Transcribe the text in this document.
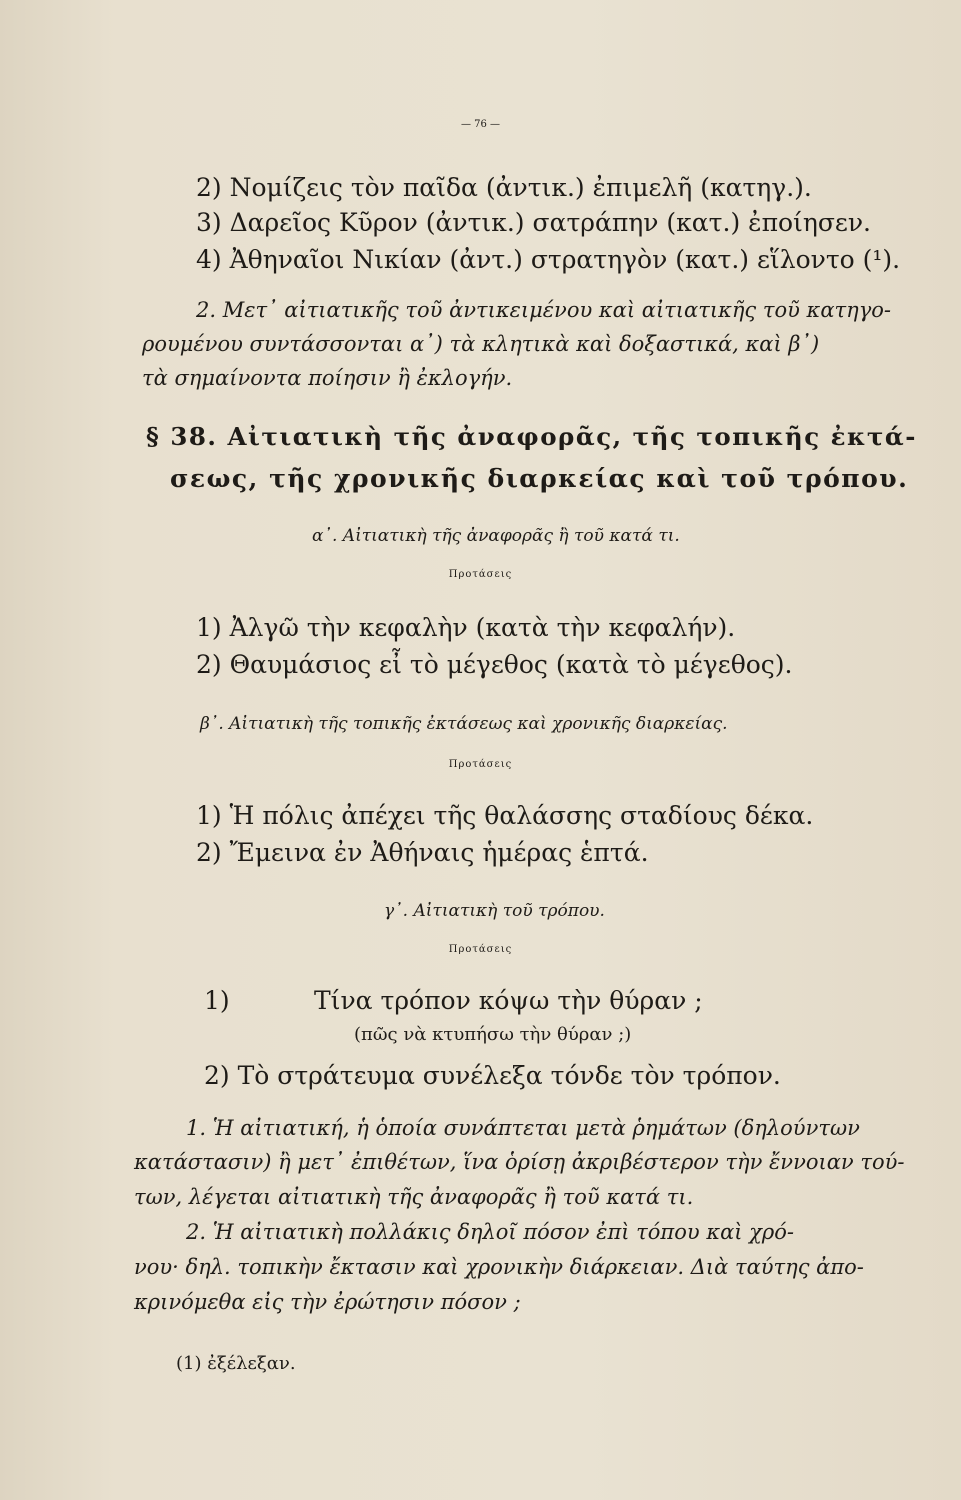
— 76 —
2) Νομίζεις τὸν παῖδα (ἀντικ.) ἐπιμελῆ (κατηγ.).
3) Δαρεῖος Κῦρον (ἀντικ.) σατράπην (κατ.) ἐποίησεν.
4) Ἀθηναῖοι Νικίαν (ἀντ.) στρατηγὸν (κατ.) εἵλοντο (¹).
2. Μετ᾽ αἰτιατικῆς τοῦ ἀντικειμένου καὶ αἰτιατικῆς τοῦ κατηγο-
ρουμένου συντάσσονται α᾽) τὰ κλητικὰ καὶ δοξαστικά, καὶ β᾽)
τὰ σημαίνοντα ποίησιν ἢ ἐκλογήν.
§ 38. Αἰτιατικὴ τῆς ἀναφορᾶς, τῆς τοπικῆς ἐκτά-
σεως, τῆς χρονικῆς διαρκείας καὶ τοῦ τρόπου.
α᾽. Αἰτιατικὴ τῆς ἀναφορᾶς ἢ τοῦ κατά τι.
Προτάσεις
1) Ἀλγῶ τὴν κεφαλὴν (κατὰ τὴν κεφαλήν).
2) Θαυμάσιος εἶ τὸ μέγεθος (κατὰ τὸ μέγεθος).
β᾽. Αἰτιατικὴ τῆς τοπικῆς ἐκτάσεως καὶ χρονικῆς διαρκείας.
Προτάσεις
1) Ἡ πόλις ἀπέχει τῆς θαλάσσης σταδίους δέκα.
2) Ἔμεινα ἐν Ἀθήναις ἡμέρας ἑπτά.
γ᾽. Αἰτιατικὴ τοῦ τρόπου.
Προτάσεις
1)	Τίνα τρόπον κόψω τὴν θύραν ;
(πῶς νὰ κτυπήσω τὴν θύραν ;)
2) Τὸ στράτευμα συνέλεξα τόνδε τὸν τρόπον.
1. Ἡ αἰτιατική, ἡ ὁποία συνάπτεται μετὰ ῥημάτων (δηλούντων
κατάστασιν) ἢ μετ᾽ ἐπιθέτων, ἵνα ὁρίσῃ ἀκριβέστερον τὴν ἔννοιαν τού-
των, λέγεται αἰτιατικὴ τῆς ἀναφορᾶς ἢ τοῦ κατά τι.
2. Ἡ αἰτιατικὴ πολλάκις δηλοῖ πόσον ἐπὶ τόπου καὶ χρό-
νου· δηλ. τοπικὴν ἔκτασιν καὶ χρονικὴν διάρκειαν. Διὰ ταύτης ἀπο-
κρινόμεθα εἰς τὴν ἐρώτησιν πόσον ;
(1) ἐξέλεξαν.
